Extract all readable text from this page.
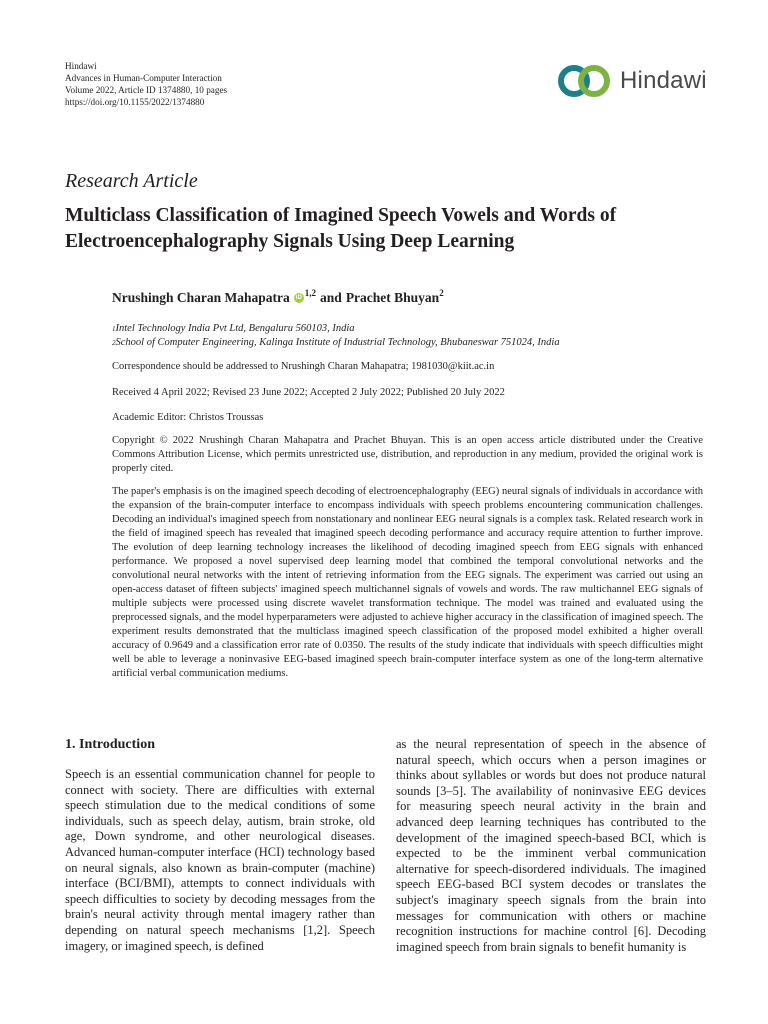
Hindawi
Advances in Human-Computer Interaction
Volume 2022, Article ID 1374880, 10 pages
https://doi.org/10.1155/2022/1374880
Hindawi
Research Article
Multiclass Classification of Imagined Speech Vowels and Words of Electroencephalography Signals Using Deep Learning
Nrushingh Charan Mahapatra	iD $^{1,2}$ and Prachet Bhuyan$^2$
$^1$Intel Technology India Pvt Ltd, Bengaluru 560103, India
$^2$School of Computer Engineering, Kalinga Institute of Industrial Technology, Bhubaneswar 751024, India
Correspondence should be addressed to Nrushingh Charan Mahapatra; 1981030@kiit.ac.in
Received 4 April 2022; Revised 23 June 2022; Accepted 2 July 2022; Published 20 July 2022
Academic Editor: Christos Troussas
Copyright © 2022 Nrushingh Charan Mahapatra and Prachet Bhuyan. This is an open access article distributed under the Creative Commons Attribution License, which permits unrestricted use, distribution, and reproduction in any medium, provided the original work is properly cited.
The paper's emphasis is on the imagined speech decoding of electroencephalography (EEG) neural signals of individuals in accordance with the expansion of the brain-computer interface to encompass individuals with speech problems encountering communication challenges. Decoding an individual's imagined speech from nonstationary and nonlinear EEG neural signals is a complex task. Related research work in the field of imagined speech has revealed that imagined speech decoding performance and accuracy require attention to further improve. The evolution of deep learning technology increases the likelihood of decoding imagined speech from EEG signals with enhanced performance. We proposed a novel supervised deep learning model that combined the temporal convolutional networks and the convolutional neural networks with the intent of retrieving information from the EEG signals. The experiment was carried out using an open-access dataset of fifteen subjects' imagined speech multichannel signals of vowels and words. The raw multichannel EEG signals of multiple subjects were processed using discrete wavelet transformation technique. The model was trained and evaluated using the preprocessed signals, and the model hyperparameters were adjusted to achieve higher accuracy in the classification of imagined speech. The experiment results demonstrated that the multiclass imagined speech classification of the proposed model exhibited a higher overall accuracy of 0.9649 and a classification error rate of 0.0350. The results of the study indicate that individuals with speech difficulties might well be able to leverage a noninvasive EEG-based imagined speech brain-computer interface system as one of the long-term alternative artificial verbal communication mediums.
1. Introduction
Speech is an essential communication channel for people to connect with society. There are difficulties with external speech stimulation due to the medical conditions of some individuals, such as speech delay, autism, brain stroke, old age, Down syndrome, and other neurological diseases. Advanced human-computer interface (HCI) technology based on neural signals, also known as brain-computer (machine) interface (BCI/BMI), attempts to connect individuals with speech difficulties to society by decoding messages from the brain's neural activity through mental imagery rather than depending on natural speech mechanisms [1,2]. Speech imagery, or imagined speech, is defined
as the neural representation of speech in the absence of natural speech, which occurs when a person imagines or thinks about syllables or words but does not produce natural sounds [3–5]. The availability of noninvasive EEG devices for measuring speech neural activity in the brain and advanced deep learning techniques has contributed to the development of the imagined speech-based BCI, which is expected to be the imminent verbal communication alternative for speech-disordered individuals. The imagined speech EEG-based BCI system decodes or translates the subject's imaginary speech signals from the brain into messages for communication with others or machine recognition instructions for machine control [6]. Decoding imagined speech from brain signals to benefit humanity is
